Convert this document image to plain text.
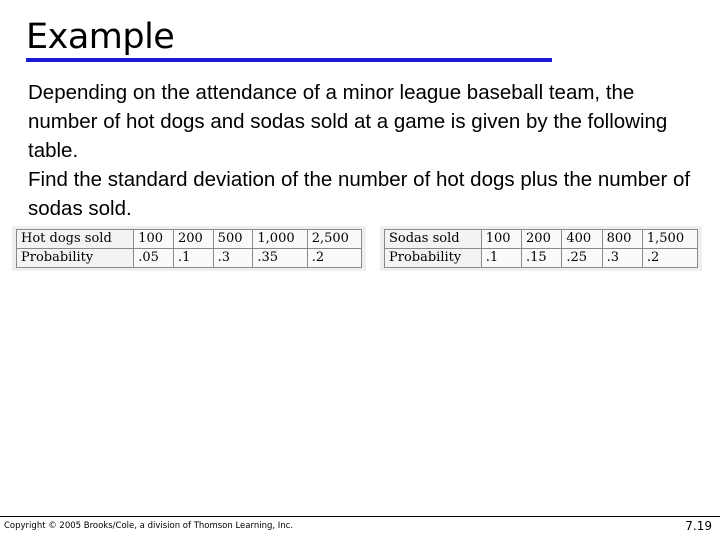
Example

Depending on the attendance of a minor league baseball team, the number of hot dogs and sodas sold at a game is given by the following table.

Find the standard deviation of the number of hot dogs plus the number of sodas sold.

Hot dogs sold	100	200	500	1,000	2,500
Probability	.05	.1	.3	.35	.2
Sodas sold	100	200	400	800	1,500
Probability	.1	.15	.25	.3	.2
Copyright © 2005 Brooks/Cole, a division of Thomson Learning, Inc.	7.19
